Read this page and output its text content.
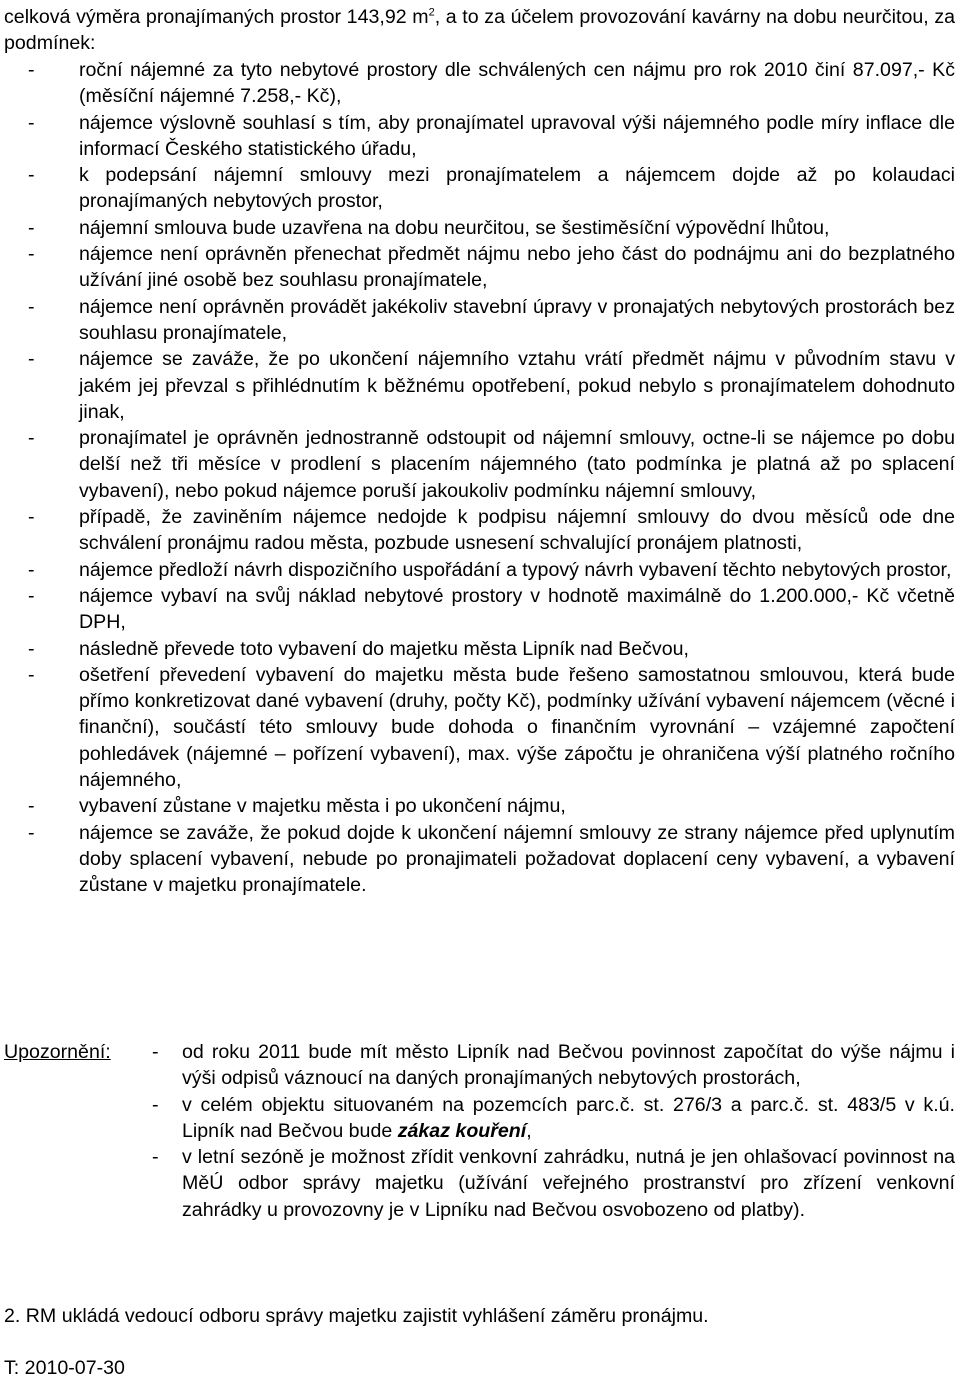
celková výměra pronajímaných prostor 143,92 $m^2$, a to za účelem provozování kavárny na dobu neurčitou, za podmínek:

- roční nájemné za tyto nebytové prostory dle schválených cen nájmu pro rok 2010 činí 87.097,- Kč (měsíční nájemné 7.258,- Kč),
- nájemce výslovně souhlasí s tím, aby pronajímatel upravoval výši nájemného podle míry inflace dle informací Českého statistického úřadu,
- k podepsání nájemní smlouvy mezi pronajímatelem a nájemcem dojde až po kolaudaci pronajímaných nebytových prostor,
- nájemní smlouva bude uzavřena na dobu neurčitou, se šestiměsíční výpovědní lhůtou,
- nájemce není oprávněn přenechat předmět nájmu nebo jeho část do podnájmu ani do bezplatného užívání jiné osobě bez souhlasu pronajímatele,
- nájemce není oprávněn provádět jakékoliv stavební úpravy v pronajatých nebytových prostorách bez souhlasu pronajímatele,
- nájemce se zaváže, že po ukončení nájemního vztahu vrátí předmět nájmu v původním stavu v jakém jej převzal s přihlédnutím k běžnému opotřebení, pokud nebylo s pronajímatelem dohodnuto jinak,
- pronajímatel je oprávněn jednostranně odstoupit od nájemní smlouvy, octne-li se nájemce po dobu delší než tři měsíce v prodlení s placením nájemného (tato podmínka je platná až po splacení vybavení), nebo pokud nájemce poruší jakoukoliv podmínku nájemní smlouvy,
- případě, že zaviněním nájemce nedojde k podpisu nájemní smlouvy do dvou měsíců ode dne schválení pronájmu radou města, pozbude usnesení schvalující pronájem platnosti,
- nájemce předloží návrh dispozičního uspořádání a typový návrh vybavení těchto nebytových prostor,
- nájemce vybaví na svůj náklad nebytové prostory v hodnotě maximálně do 1.200.000,- Kč včetně DPH,
- následně převede toto vybavení do majetku města Lipník nad Bečvou,
- ošetření převedení vybavení do majetku města bude řešeno samostatnou smlouvou, která bude přímo konkretizovat dané vybavení (druhy, počty Kč), podmínky užívání vybavení nájemcem (věcné i finanční), součástí této smlouvy bude dohoda o finančním vyrovnání – vzájemné započtení pohledávek (nájemné – pořízení vybavení), max. výše zápočtu je ohraničena výší platného ročního nájemného,
- vybavení zůstane v majetku města i po ukončení nájmu,
- nájemce se zaváže, že pokud dojde k ukončení nájemní smlouvy ze strany nájemce před uplynutím doby splacení vybavení, nebude po pronajimateli požadovat doplacení ceny vybavení, a vybavení zůstane v majetku pronajímatele.
Upozornění: - od roku 2011 bude mít město Lipník nad Bečvou povinnost započítat do výše nájmu i výši odpisů váznoucí na daných pronajímaných nebytových prostorách,
- v celém objektu situovaném na pozemcích parc.č. st. 276/3 a parc.č. st. 483/5 v k.ú. Lipník nad Bečvou bude zákaz kouření,
- v letní sezóně je možnost zřídit venkovní zahrádku, nutná je jen ohlašovací povinnost na MěÚ odbor správy majetku (užívání veřejného prostranství pro zřízení venkovní zahrádky u provozovny je v Lipníku nad Bečvou osvobozeno od platby).
2. RM ukládá vedoucí odboru správy majetku zajistit vyhlášení záměru pronájmu.
T: 2010-07-30
